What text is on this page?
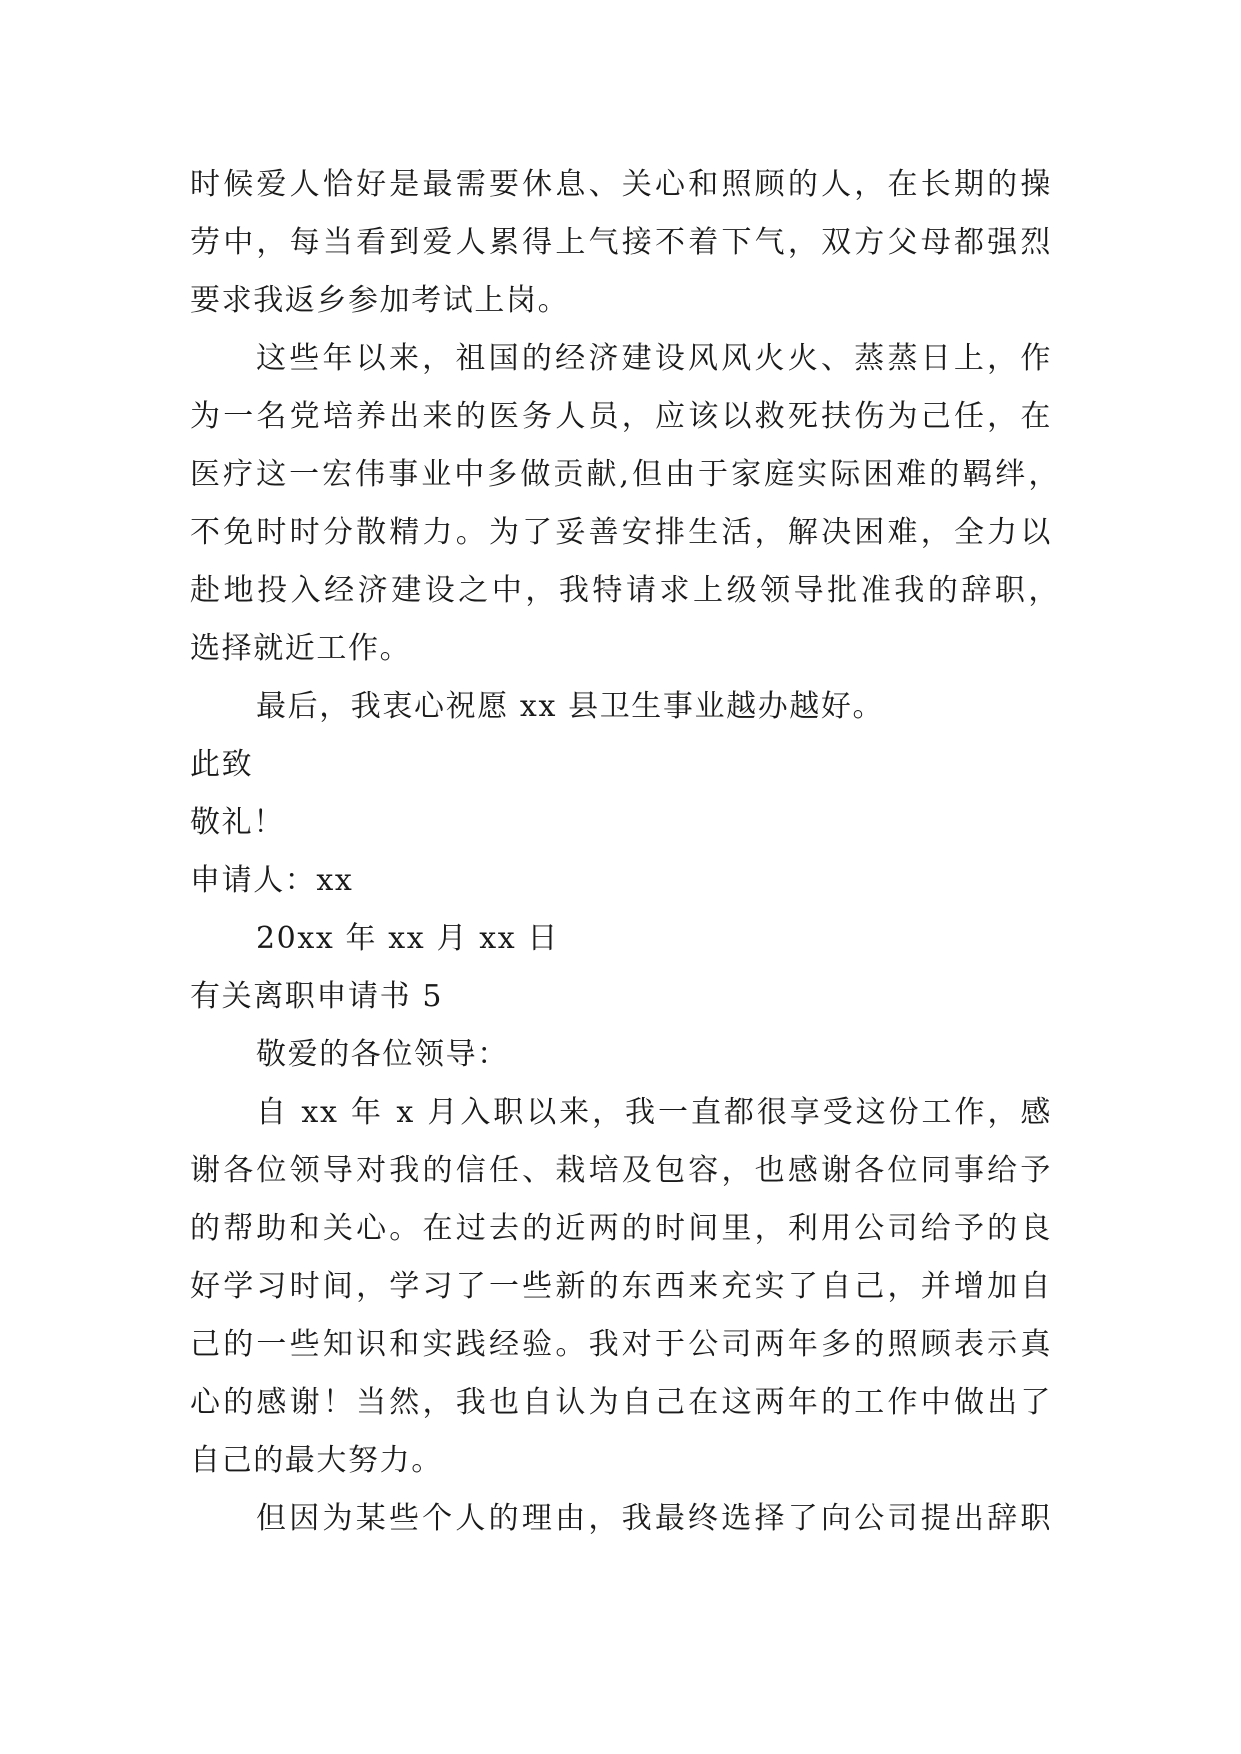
时候爱人恰好是最需要休息、关心和照顾的人，在长期的操
劳中，每当看到爱人累得上气接不着下气，双方父母都强烈
要求我返乡参加考试上岗。
这些年以来，祖国的经济建设风风火火、蒸蒸日上，作
为一名党培养出来的医务人员，应该以救死扶伤为己任，在
医疗这一宏伟事业中多做贡献,但由于家庭实际困难的羁绊，
不免时时分散精力。为了妥善安排生活，解决困难，全力以
赴地投入经济建设之中，我特请求上级领导批准我的辞职，
选择就近工作。
最后，我衷心祝愿 xx 县卫生事业越办越好。
此致
敬礼！
申请人：xx
20xx 年 xx 月 xx 日
有关离职申请书 5
敬爱的各位领导：
自 xx 年 x 月入职以来，我一直都很享受这份工作，感
谢各位领导对我的信任、栽培及包容，也感谢各位同事给予
的帮助和关心。在过去的近两的时间里，利用公司给予的良
好学习时间，学习了一些新的东西来充实了自己，并增加自
己的一些知识和实践经验。我对于公司两年多的照顾表示真
心的感谢！当然，我也自认为自己在这两年的工作中做出了
自己的最大努力。
但因为某些个人的理由，我最终选择了向公司提出辞职
